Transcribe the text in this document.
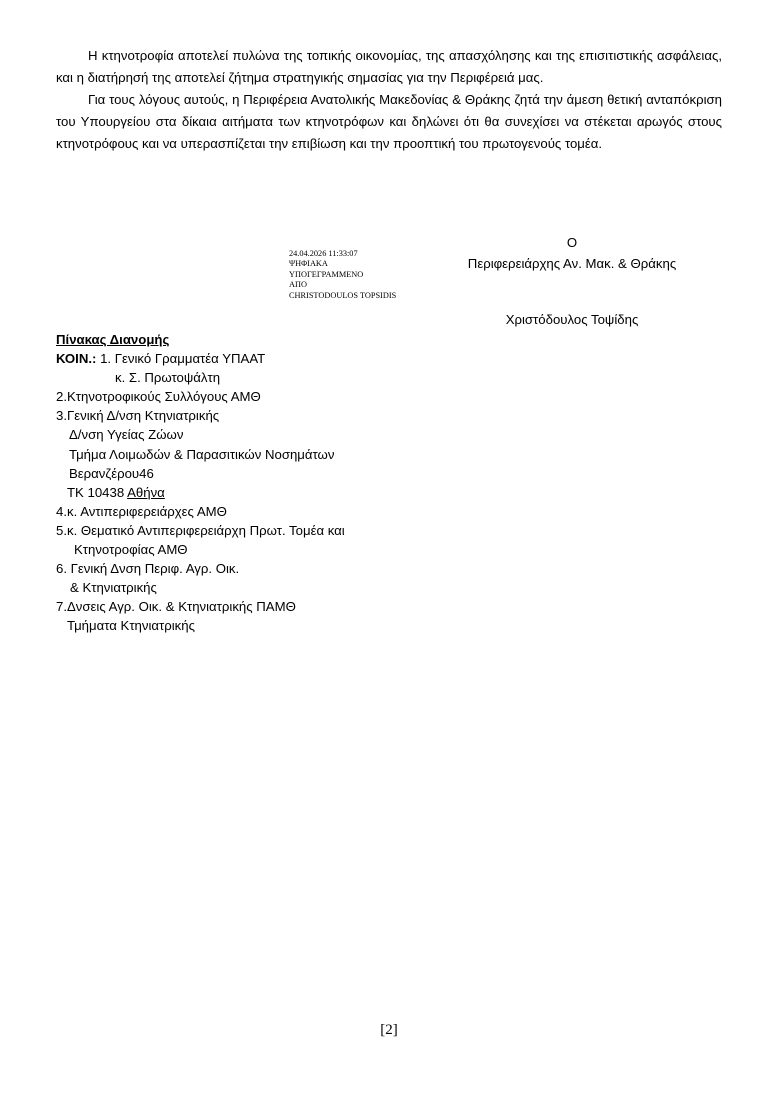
Η κτηνοτροφία αποτελεί πυλώνα της τοπικής οικονομίας, της απασχόλησης και της επισιτιστικής ασφάλειας, και η διατήρησή της αποτελεί ζήτημα στρατηγικής σημασίας για την Περιφέρειά μας.

Για τους λόγους αυτούς, η Περιφέρεια Ανατολικής Μακεδονίας & Θράκης ζητά την άμεση θετική ανταπόκριση του Υπουργείου στα δίκαια αιτήματα των κτηνοτρόφων και δηλώνει ότι θα συνεχίσει να στέκεται αρωγός στους κτηνοτρόφους και να υπερασπίζεται την επιβίωση και την προοπτική του πρωτογενούς τομέα.

24.04.2026 11:33:07
ΨΗΦΙΑΚΑ
ΥΠΟΓΕΓΡΑΜΜΕΝΟ
ΑΠΟ
CHRISTODOULOS TOPSIDIS
Ο
Περιφερειάρχης Αν. Μακ. & Θράκης
Χριστόδουλος Τοψίδης
Πίνακας Διανομής
ΚΟΙΝ.: 1. Γενικό Γραμματέα ΥΠΑΑΤ
κ. Σ. Πρωτοψάλτη
2.Κτηνοτροφικούς Συλλόγους ΑΜΘ
3.Γενική Δ/νση Κτηνιατρικής
Δ/νση Υγείας Ζώων
Τμήμα Λοιμωδών & Παρασιτικών Νοσημάτων
Βερανζέρου46
ΤΚ 10438 Αθήνα
4.κ. Αντιπεριφερειάρχες ΑΜΘ
5.κ. Θεματικό Αντιπεριφερειάρχη Πρωτ. Τομέα και
Κτηνοτροφίας ΑΜΘ
6. Γενική Δνση Περιφ. Αγρ. Οικ.
& Κτηνιατρικής
7.Δνσεις Αγρ. Οικ. & Κτηνιατρικής ΠΑΜΘ
Τμήματα Κτηνιατρικής
[2]
